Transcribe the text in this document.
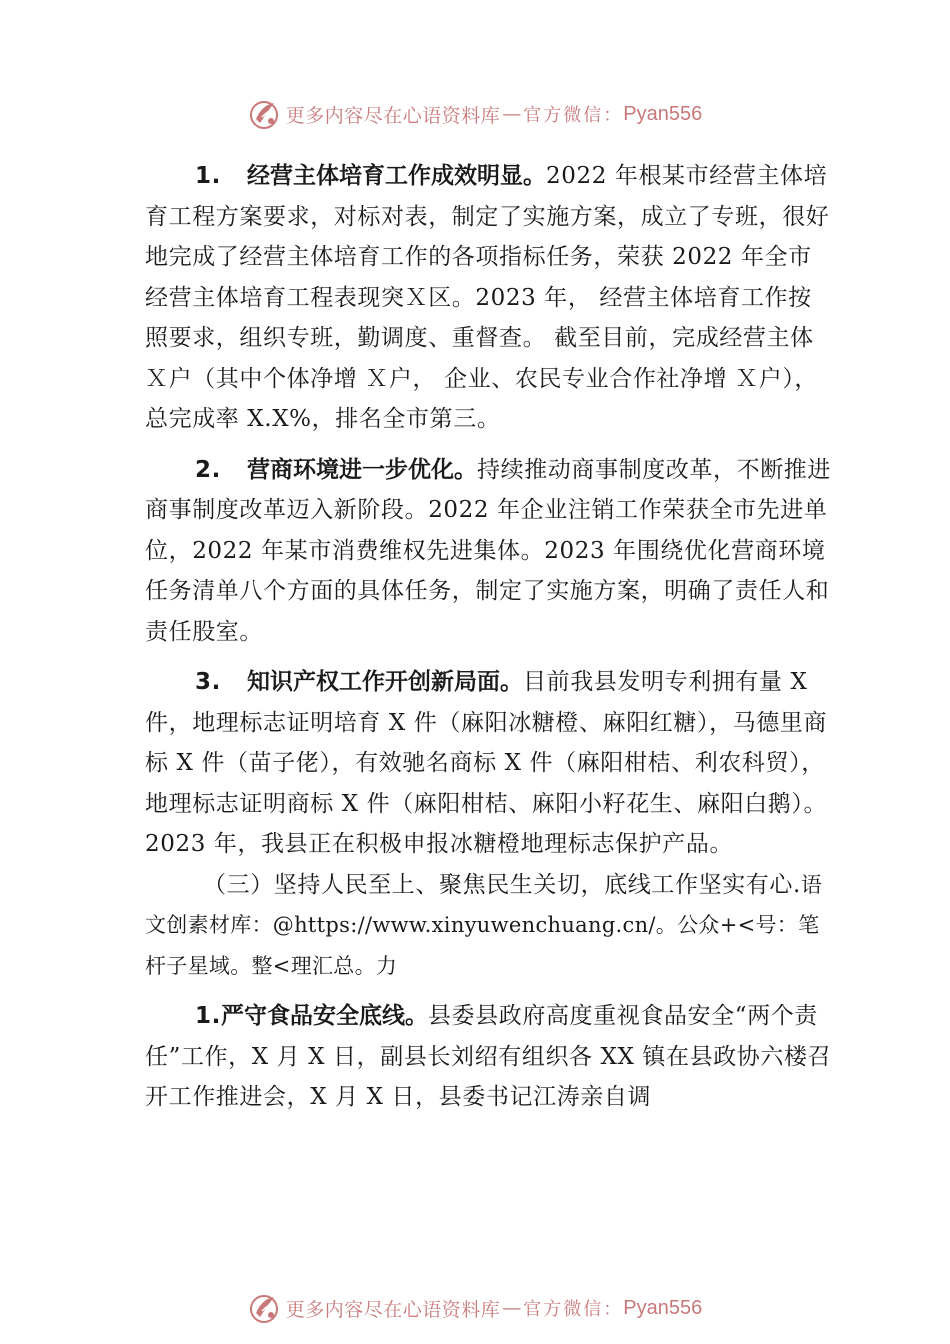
更多内容尽在心语资料库 — 官方微信： Pyan556

1. 经营主体培育工作成效明显。2022 年根某市经营主体培育工程方案要求，对标对表，制定了实施方案，成立了专班，很好地完成了经营主体培育工作的各项指标任务，荣获 2022 年全市经营主体培育工程表现突Ｘ区。2023 年， 经营主体培育工作按照要求，组织专班，勤调度、重督查。 截至目前，完成经营主体 Ｘ户（其中个体净增 Ｘ户， 企业、农民专业合作社净增 Ｘ户），总完成率 X.X%，排名全市第三。

2. 营商环境进一步优化。持续推动商事制度改革，不断推进商事制度改革迈入新阶段。2022 年企业注销工作荣获全市先进单位，2022 年某市消费维权先进集体。2023 年围绕优化营商环境任务清单八个方面的具体任务，制定了实施方案，明确了责任人和责任股室。

3. 知识产权工作开创新局面。目前我县发明专利拥有量 X 件，地理标志证明培育 X 件（麻阳冰糖橙、麻阳红糖），马德里商标 X 件（苗子佬），有效驰名商标 X 件（麻阳柑桔、利农科贸），地理标志证明商标 X 件（麻阳柑桔、麻阳小籽花生、麻阳白鹅）。2023 年，我县正在积极申报冰糖橙地理标志保护产品。

（三）坚持人民至上、聚焦民生关切，底线工作坚实有心.语文创素材库：@https://www.xinyuwenchuang.cn/。公众+<号：笔杆子星域。整<理汇总。力

1.严守食品安全底线。县委县政府高度重视食品安全“两个责任”工作，X 月 X 日，副县长刘绍有组织各 XX 镇在县政协六楼召开工作推进会，X 月 X 日，县委书记江涛亲自调

更多内容尽在心语资料库 — 官方微信： Pyan556
